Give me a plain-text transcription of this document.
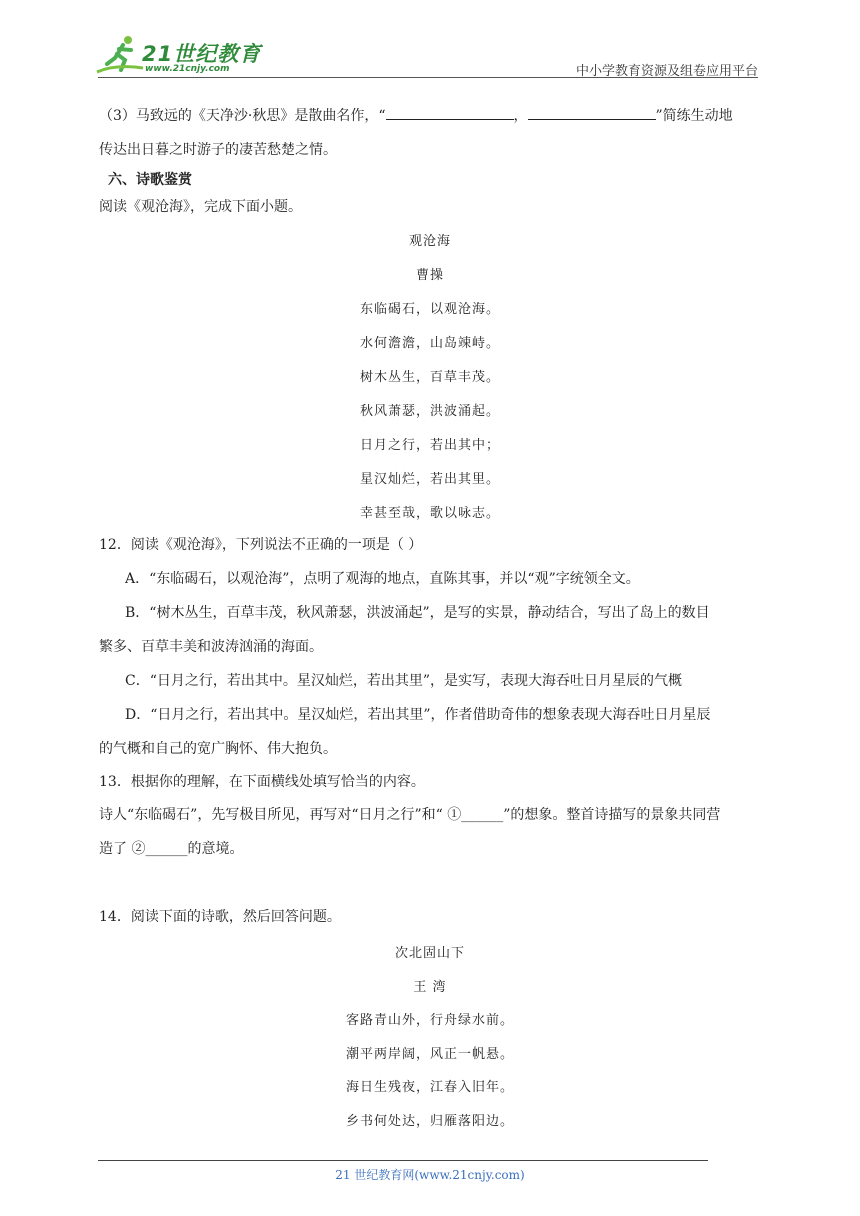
21世纪教育
www.21cnjy.com	中小学教育资源及组卷应用平台
（3）马致远的《天净沙·秋思》是散曲名作，“	，	”简练生动地
传达出日暮之时游子的凄苦愁楚之情。
六、诗歌鉴赏
阅读《观沧海》，完成下面小题。
观沧海
曹操
东临碣石，以观沧海。
水何澹澹，山岛竦峙。
树木丛生，百草丰茂。
秋风萧瑟，洪波涌起。
日月之行，若出其中；
星汉灿烂，若出其里。
幸甚至哉，歌以咏志。
12．阅读《观沧海》，下列说法不正确的一项是（ ）
A．“东临碣石，以观沧海”，点明了观海的地点，直陈其事，并以“观”字统领全文。
B．“树木丛生，百草丰茂，秋风萧瑟，洪波涌起”，是写的实景，静动结合，写出了岛上的数目
繁多、百草丰美和波涛汹涌的海面。
C．“日月之行，若出其中。星汉灿烂，若出其里”，是实写，表现大海吞吐日月星辰的气概
D．“日月之行，若出其中。星汉灿烂，若出其里”，作者借助奇伟的想象表现大海吞吐日月星辰
的气概和自己的宽广胸怀、伟大抱负。
13．根据你的理解，在下面横线处填写恰当的内容。
诗人“东临碣石”，先写极目所见，再写对“日月之行”和“ ①______”的想象。整首诗描写的景象共同营
造了 ②______的意境。
14．阅读下面的诗歌，然后回答问题。
次北固山下
王 湾
客路青山外，行舟绿水前。
潮平两岸阔，风正一帆悬。
海日生残夜，江春入旧年。
乡书何处达，归雁落阳边。
21 世纪教育网(www.21cnjy.com)
